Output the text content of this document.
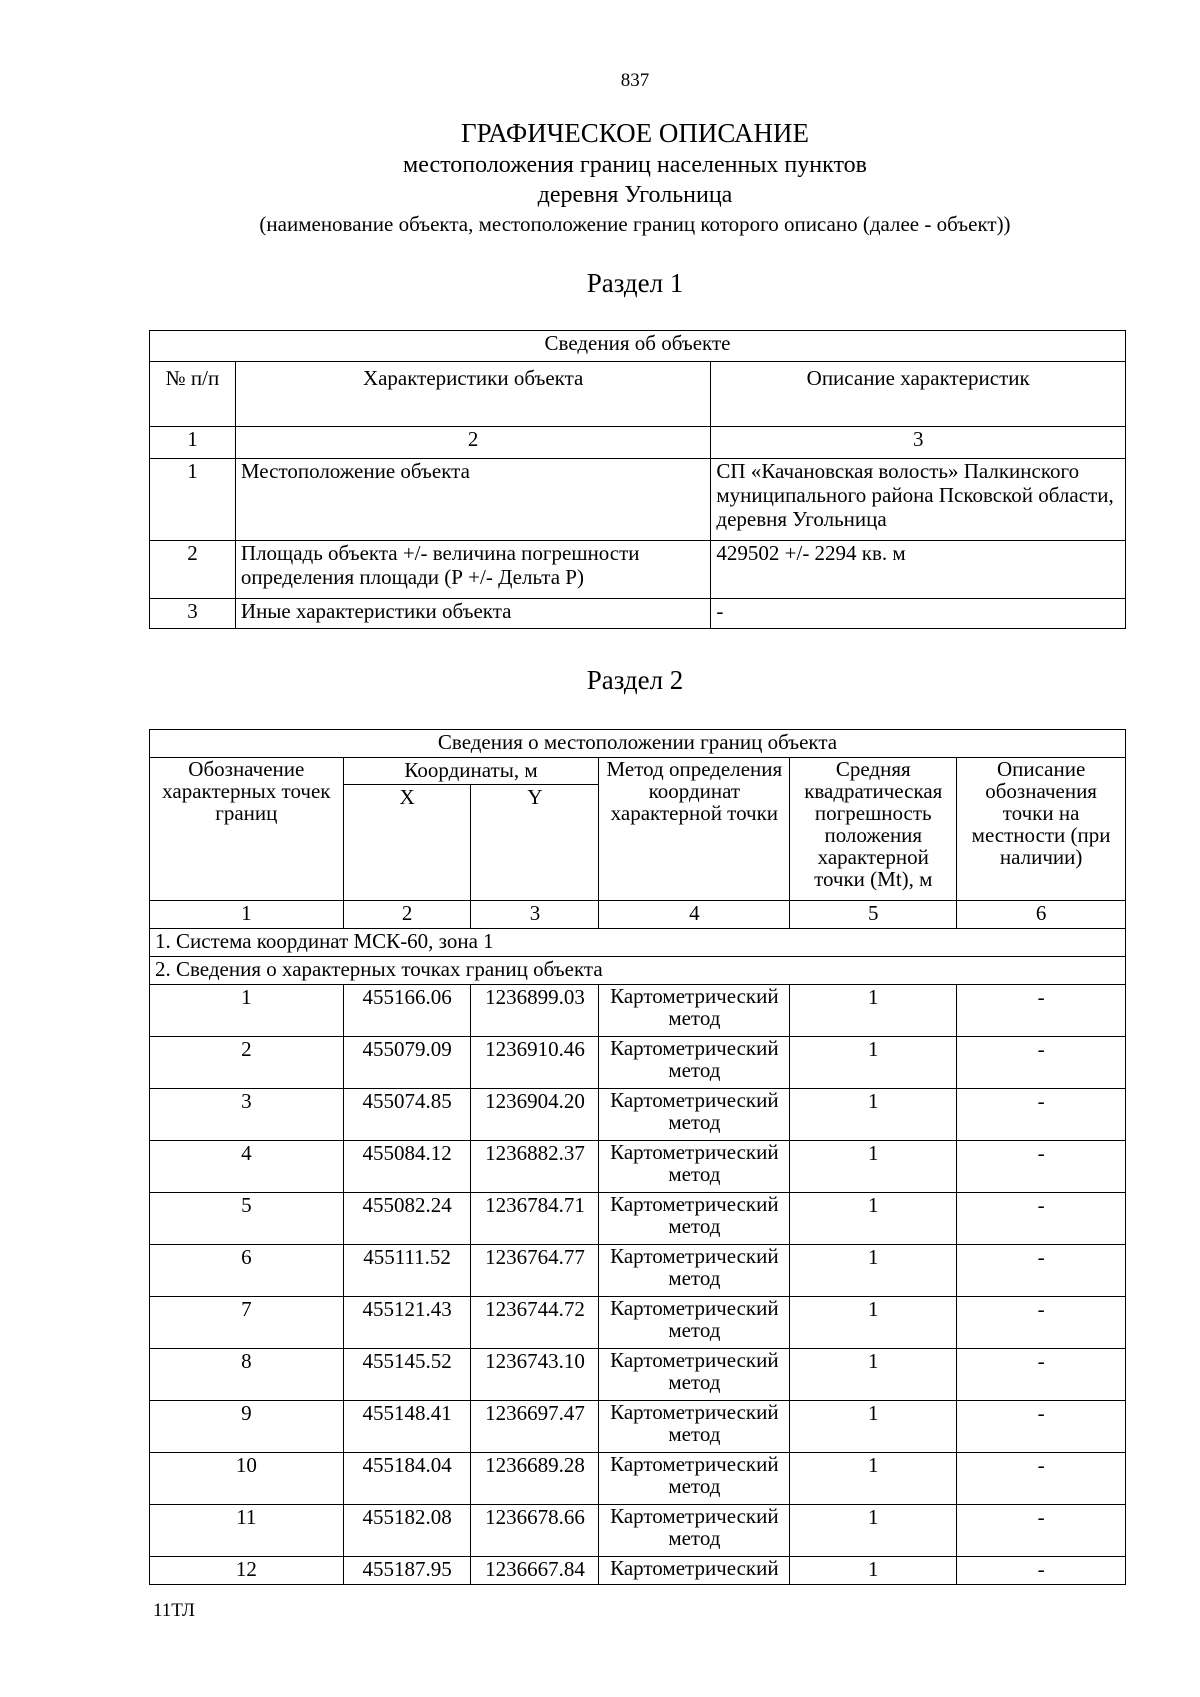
837
ГРАФИЧЕСКОЕ ОПИСАНИЕ
местоположения границ населенных пунктов
деревня Угольница
(наименование объекта, местоположение границ которого описано (далее - объект))
Раздел 1
Сведения об объекте		
№ п/п	Характеристики объекта	Описание характеристик
1	2	3
1	Местоположение объекта	СП «Качановская волость» Палкинского муниципального района Псковской области, деревня Угольница
2	Площадь объекта +/- величина погрешности определения площади (Р +/- Дельта Р)	429502 +/- 2294 кв. м
3	Иные характеристики объекта	-
Раздел 2
Сведения о местоположении границ объекта					
Обозначение характерных точек границ	Координаты, м		Метод определения координат характерной точки	Средняя квадратическая погрешность положения характерной точки (Mt), м	Описание обозначения точки на местности (при наличии)
	X	Y			
1	2	3	4	5	6
1. Система координат МСК-60, зона 1					
2. Сведения о характерных точках границ объекта					
1	455166.06	1236899.03	Картометрический метод	1	-
2	455079.09	1236910.46	Картометрический метод	1	-
3	455074.85	1236904.20	Картометрический метод	1	-
4	455084.12	1236882.37	Картометрический метод	1	-
5	455082.24	1236784.71	Картометрический метод	1	-
6	455111.52	1236764.77	Картометрический метод	1	-
7	455121.43	1236744.72	Картометрический метод	1	-
8	455145.52	1236743.10	Картометрический метод	1	-
9	455148.41	1236697.47	Картометрический метод	1	-
10	455184.04	1236689.28	Картометрический метод	1	-
11	455182.08	1236678.66	Картометрический метод	1	-
12	455187.95	1236667.84	Картометрический	1	-
11ТЛ
